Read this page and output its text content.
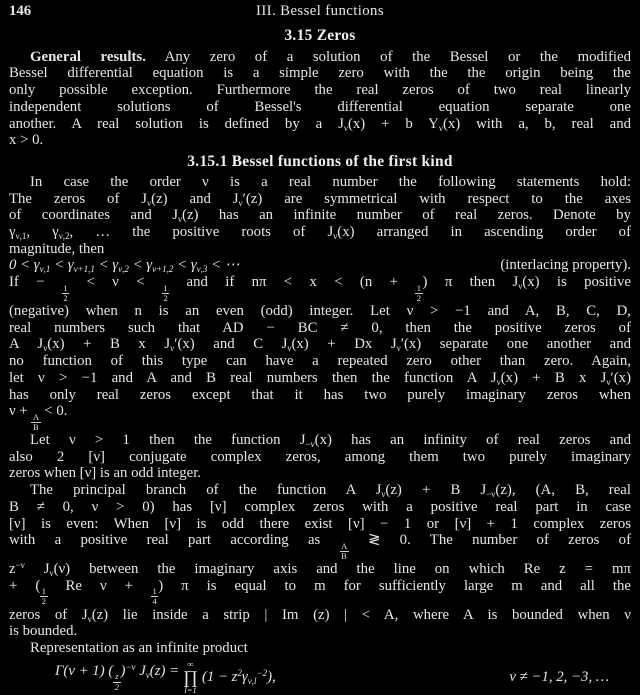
146	III. Bessel functions
3.15 Zeros
General results. Any zero of a solution of the Bessel or the modified
Bessel differential equation is a simple zero with the the origin being the
only possible exception. Furthermore the real zeros of two real linearly
independent solutions of Bessel's differential equation separate one
another. A real solution is defined by a $J_\nu(x) + b$ $Y_\nu(x)$ with a, b, real and
x > 0.
3.15.1 Bessel functions of the first kind
In case the order ν is a real number the following statements hold:
The zeros of $J_\nu(z)$ and $J_\nu'(z)$ are symmetrical with respect to the axes
of coordinates and $J_\nu(z)$ has an infinite number of real zeros. Denote by
$\gamma_{\nu,1}$, $\gamma_{\nu,2}$, … the positive roots of $J_\nu(x)$ arranged in ascending order of
magnitude, then
$0 < \gamma_{\nu,1} < \gamma_{\nu+1,1} < \gamma_{\nu,2} < \gamma_{\nu+1,2} < \gamma_{\nu,3}$ < ⋯	(interlacing property).
If −
$\frac{1}{2}$
< ν <
$\frac{1}{2}$
and if nπ < x < (n +
$\frac{1}{2}$
) π then $J_\nu(x)$ is positive
(negative) when n is an even (odd) integer. Let ν > −1 and A, B, C, D,
real numbers such that AD − BC ≠ 0, then the positive zeros of
A $J_\nu(x) + B$ x $J_\nu'(x)$ and C $J_\nu(x) + Dx$ $J_\nu'(x)$ separate one another and
no function of this type can have a repeated zero other than zero. Again,
let ν > −1 and A and B real numbers then the function A $J_\nu(x) + B$ x $J_\nu'(x)$
has only real zeros except that it has two purely imaginary zeros when
ν +
$\frac{A}{B}$
< 0.
Let ν > 1 then the function $J_{-\nu}(x)$ has an infinity of real zeros and
also 2 [ν] conjugate complex zeros, among them two purely imaginary
zeros when [ν] is an odd integer.
The principal branch of the function A $J_\nu(z) + B$ $J_{-\nu}(z)$, (A, B, real
B ≠ 0, ν > 0) has [ν] complex zeros with a positive real part in case
[ν] is even: When [ν] is odd there exist [ν] − 1 or [ν] + 1 complex zeros
with a positive real part according as
$\frac{A}{B}$
≷ 0. The number of zeros of
$z^{-\nu}$ $J_\nu(\nu)$ between the imaginary axis and the line on which Re z = mπ
+ (
$\frac{1}{2}$
Re ν +
$\frac{1}{4}$
) π is equal to m for sufficiently large m and all the
zeros of $J_\nu(z)$ lie inside a strip | Im (z) | < A, where A is bounded when ν
is bounded.
Representation as an infinite product
Γ(ν + 1) (
$\frac{z}{2}$
)$^{-\nu}$ $J_\nu(z)$ = ∞
∏
l=1
$(1 - z^2\gamma_{\nu,l}^{-2})$,	ν ≠ −1, 2, −3, …
